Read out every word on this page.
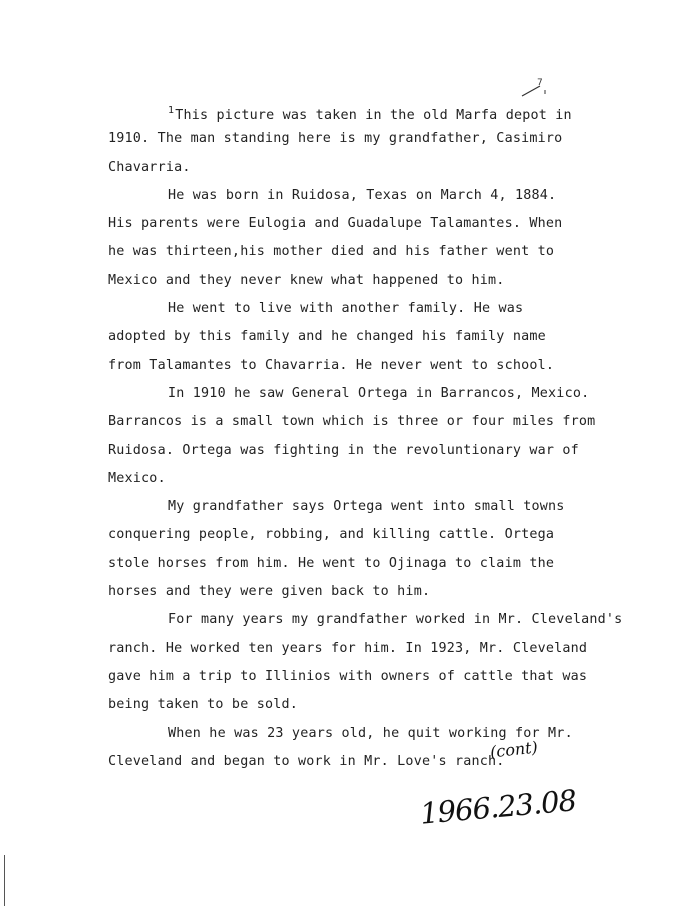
7
$^1$This picture was taken in the old Marfa depot in
1910. The man standing here is my grandfather, Casimiro
Chavarria.
He was born in Ruidosa, Texas on March 4, 1884.
His parents were Eulogia and Guadalupe Talamantes. When
he was thirteen,his mother died and his father went to
Mexico and they never knew what happened to him.
He went to live with another family. He was
adopted by this family and he changed his family name
from Talamantes to Chavarria. He never went to school.
In 1910 he saw General Ortega in Barrancos, Mexico.
Barrancos is a small town which is three or four miles from
Ruidosa. Ortega was fighting in the revoluntionary war of
Mexico.
My grandfather says Ortega went into small towns
conquering people, robbing, and killing cattle. Ortega
stole horses from him. He went to Ojinaga to claim the
horses and they were given back to him.
For many years my grandfather worked in Mr. Cleveland's
ranch. He worked ten years for him. In 1923, Mr. Cleveland
gave him a trip to Illinios with owners of cattle that was
being taken to be sold.
When he was 23 years old, he quit working for Mr.
Cleveland and began to work in Mr. Love's ranch.
(cont)
1966.23.08
